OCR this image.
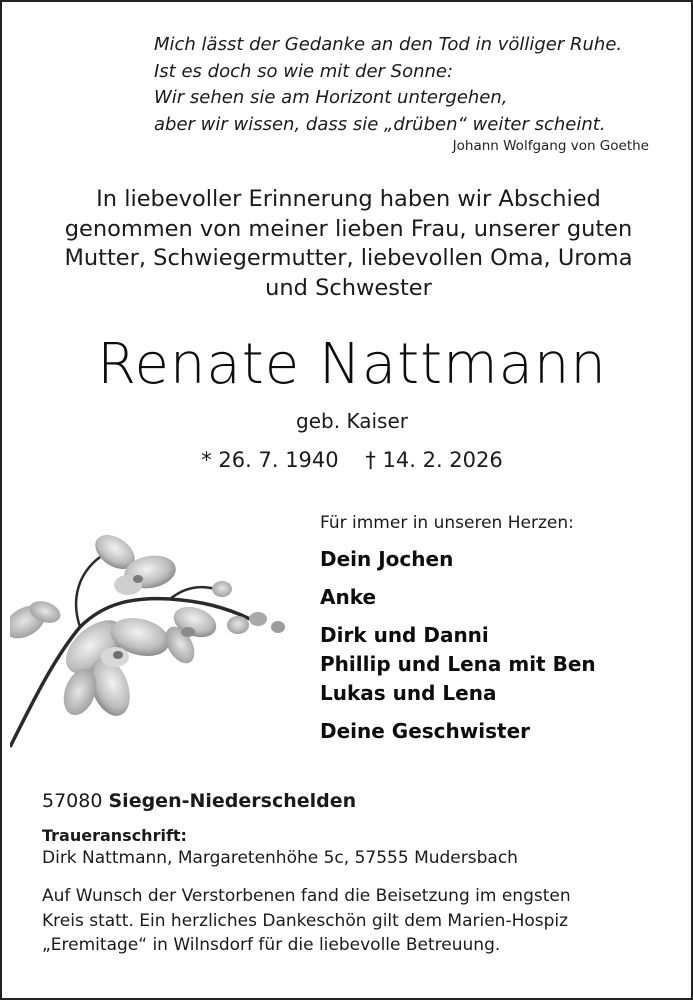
Mich lässt der Gedanke an den Tod in völliger Ruhe.
Ist es doch so wie mit der Sonne:
Wir sehen sie am Horizont untergehen,
aber wir wissen, dass sie „drüben“ weiter scheint.
Johann Wolfgang von Goethe
In liebevoller Erinnerung haben wir Abschied
genommen von meiner lieben Frau, unserer guten
Mutter, Schwiegermutter, liebevollen Oma, Uroma
und Schwester
Renate Nattmann
geb. Kaiser
* 26. 7. 1940    † 14. 2. 2026
Für immer in unseren Herzen:
Dein Jochen
Anke
Dirk und Danni
Phillip und Lena mit Ben
Lukas und Lena
Deine Geschwister
57080 Siegen-Niederschelden
Traueranschrift:
Dirk Nattmann, Margaretenhöhe 5c, 57555 Mudersbach
Auf Wunsch der Verstorbenen fand die Beisetzung im engsten
Kreis statt. Ein herzliches Dankeschön gilt dem Marien-Hospiz
„Eremitage“ in Wilnsdorf für die liebevolle Betreuung.
